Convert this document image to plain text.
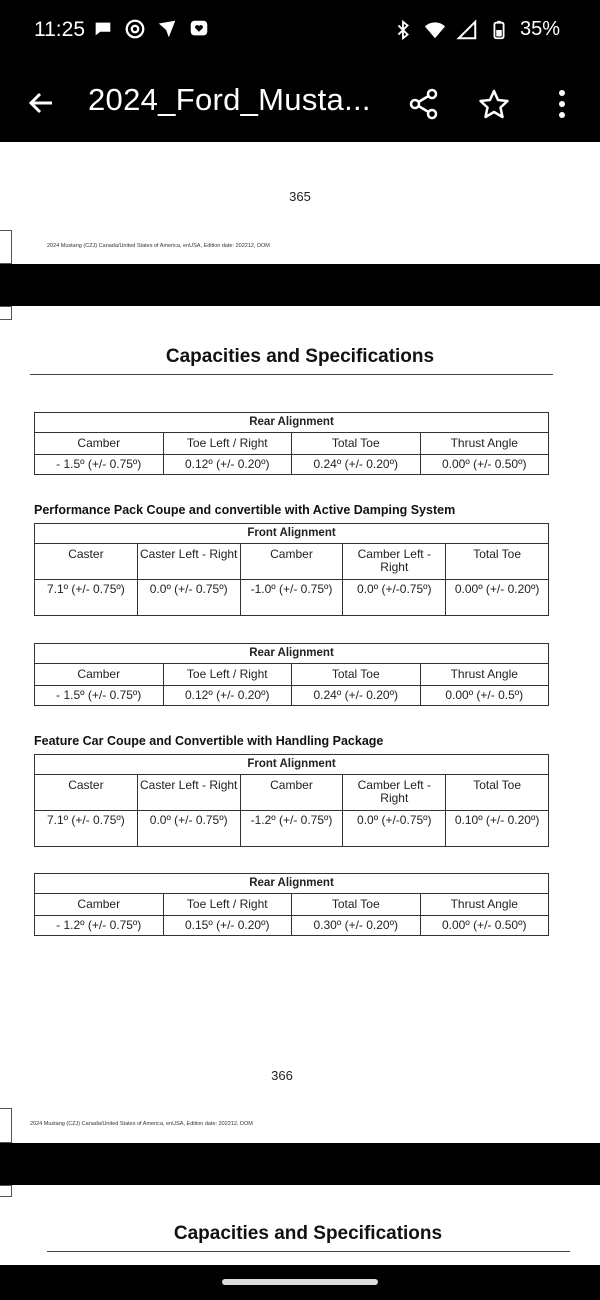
11:25	35%
2024_Ford_Musta...
365
2024 Mustang (CZJ) Canada/United States of America, enUSA, Edition date: 202212, DOM
Capacities and Specifications
Rear Alignment			
Camber	Toe Left / Right	Total Toe	Thrust Angle
- 1.5º (+/- 0.75º)	0.12º (+/- 0.20º)	0.24º (+/- 0.20º)	0.00º (+/- 0.50º)
Performance Pack Coupe and convertible with Active Damping System
Front Alignment				
Caster	Caster Left - Right	Camber	Camber Left - Right	Total Toe
7.1º (+/- 0.75º)	0.0º (+/- 0.75º)	-1.0º (+/- 0.75º)	0.0º (+/-0.75º)	0.00º (+/- 0.20º)
Rear Alignment			
Camber	Toe Left / Right	Total Toe	Thrust Angle
- 1.5º (+/- 0.75º)	0.12º (+/- 0.20º)	0.24º (+/- 0.20º)	0.00º (+/- 0.5º)
Feature Car Coupe and Convertible with Handling Package
Front Alignment				
Caster	Caster Left - Right	Camber	Camber Left - Right	Total Toe
7.1º (+/- 0.75º)	0.0º (+/- 0.75º)	-1.2º (+/- 0.75º)	0.0º (+/-0.75º)	0.10º (+/- 0.20º)
Rear Alignment			
Camber	Toe Left / Right	Total Toe	Thrust Angle
- 1.2º (+/- 0.75º)	0.15º (+/- 0.20º)	0.30º (+/- 0.20º)	0.00º (+/- 0.50º)
366
2024 Mustang (CZJ) Canada/United States of America, enUSA, Edition date: 202212, DOM
Capacities and Specifications
